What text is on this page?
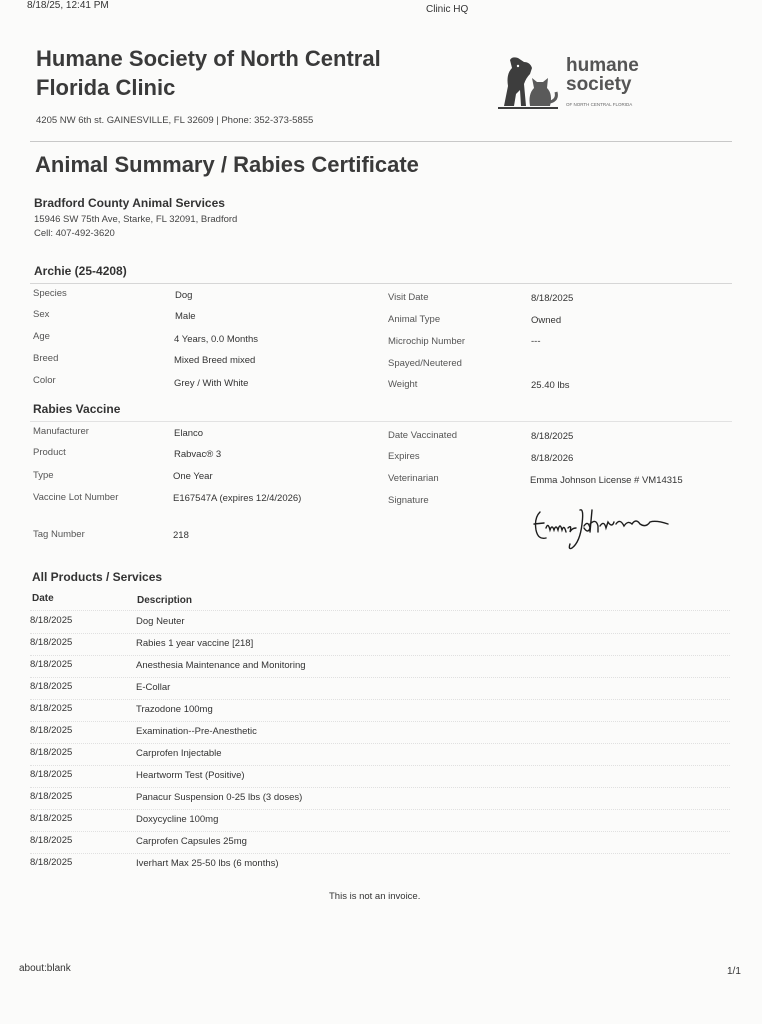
8/18/25, 12:41 PM	Clinic HQ
Humane Society of North Central Florida Clinic
4205 NW 6th st. GAINESVILLE, FL 32609 | Phone: 352-373-5855
humane
society
OF NORTH CENTRAL FLORIDA
Animal Summary / Rabies Certificate
Bradford County Animal Services
15946 SW 75th Ave, Starke, FL 32091, Bradford
Cell: 407-492-3620
Archie (25-4208)
Species	Dog
Sex	Male
Age	4 Years, 0.0 Months
Breed	Mixed Breed mixed
Color	Grey / With White
Visit Date	8/18/2025
Animal Type	Owned
Microchip Number	---
Spayed/Neutered
Weight	25.40 lbs
Rabies Vaccine
Manufacturer	Elanco
Product	Rabvac® 3
Type	One Year
Vaccine Lot Number	E167547A (expires 12/4/2026)
Date Vaccinated	8/18/2025
Expires	8/18/2026
Veterinarian	Emma Johnson License # VM14315
Signature
Tag Number	218
All Products / Services
Date	Description
8/18/2025	Dog Neuter
8/18/2025	Rabies 1 year vaccine [218]
8/18/2025	Anesthesia Maintenance and Monitoring
8/18/2025	E-Collar
8/18/2025	Trazodone 100mg
8/18/2025	Examination--Pre-Anesthetic
8/18/2025	Carprofen Injectable
8/18/2025	Heartworm Test (Positive)
8/18/2025	Panacur Suspension 0-25 lbs (3 doses)
8/18/2025	Doxycycline 100mg
8/18/2025	Carprofen Capsules 25mg
8/18/2025	Iverhart Max 25-50 lbs (6 months)
This is not an invoice.
about:blank	1/1
